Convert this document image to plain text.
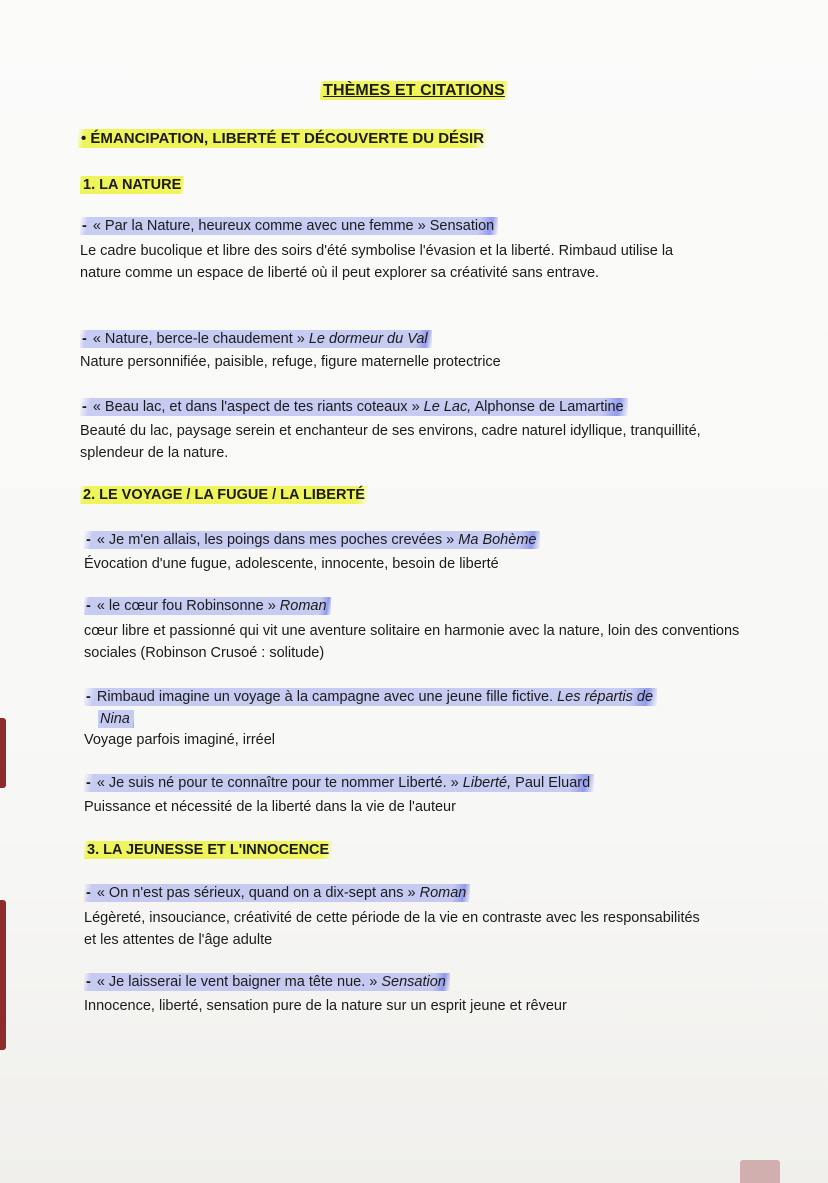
THÈMES ET CITATIONS
• ÉMANCIPATION, LIBERTÉ ET DÉCOUVERTE DU DÉSIR
1. LA NATURE
- « Par la Nature, heureux comme avec une femme » Sensation
Le cadre bucolique et libre des soirs d'été symbolise l'évasion et la liberté. Rimbaud utilise la nature comme un espace de liberté où il peut explorer sa créativité sans entrave.
- « Nature, berce-le chaudement » Le dormeur du Val
Nature personnifiée, paisible, refuge, figure maternelle protectrice
- « Beau lac, et dans l'aspect de tes riants coteaux » Le Lac, Alphonse de Lamartine
Beauté du lac, paysage serein et enchanteur de ses environs, cadre naturel idyllique, tranquillité, splendeur de la nature.
2. LE VOYAGE / LA FUGUE / LA LIBERTÉ
- « Je m'en allais, les poings dans mes poches crevées » Ma Bohème
Évocation d'une fugue, adolescente, innocente, besoin de liberté
- « le cœur fou Robinsonne » Roman
cœur libre et passionné qui vit une aventure solitaire en harmonie avec la nature, loin des conventions sociales (Robinson Crusoé : solitude)
- Rimbaud imagine un voyage à la campagne avec une jeune fille fictive. Les répartis de
Nina
Voyage parfois imaginé, irréel
- « Je suis né pour te connaître pour te nommer Liberté. » Liberté, Paul Eluard
Puissance et nécessité de la liberté dans la vie de l'auteur
3. LA JEUNESSE ET L'INNOCENCE
- « On n'est pas sérieux, quand on a dix-sept ans » Roman
Légèreté, insouciance, créativité de cette période de la vie en contraste avec les responsabilités et les attentes de l'âge adulte
- « Je laisserai le vent baigner ma tête nue. » Sensation
Innocence, liberté, sensation pure de la nature sur un esprit jeune et rêveur
